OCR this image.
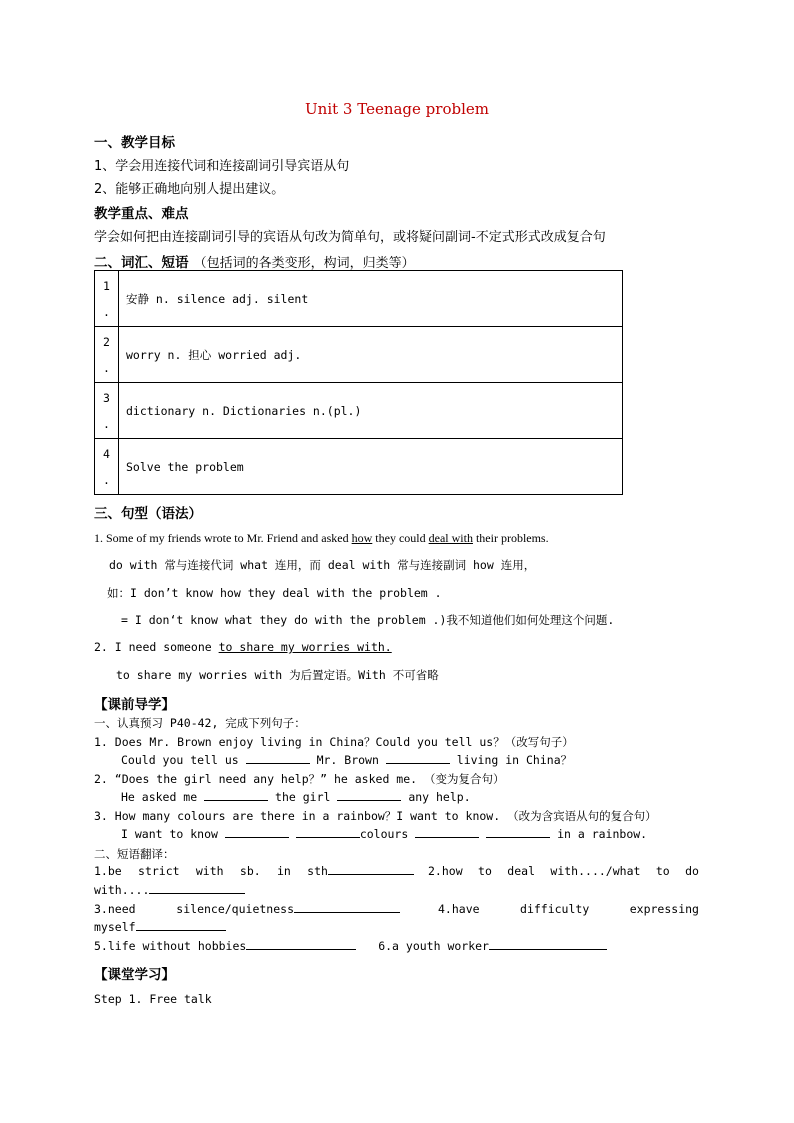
Unit 3 Teenage problem
一、教学目标
1、学会用连接代词和连接副词引导宾语从句
2、能够正确地向别人提出建议。
教学重点、难点
学会如何把由连接副词引导的宾语从句改为简单句，或将疑问副词-不定式形式改成复合句
二、词汇、短语 （包括词的各类变形，构词，归类等）
1
.	安静 n. silence adj. silent
2
.	worry n. 担心 worried adj.
3
.	dictionary n. Dictionaries n.(pl.)
4
.	Solve the problem
三、句型（语法）
1. Some of my friends wrote to Mr. Friend and asked how they could deal with their problems.
do with 常与连接代词 what 连用，而 deal with 常与连接副词 how 连用，
如：I don’t know how they deal with the problem .
= I don‘t know what they do with the problem .)我不知道他们如何处理这个问题.
2. I need someone to share my worries with.
to share my worries with 为后置定语。With 不可省略
【课前导学】
一、认真预习 P40-42, 完成下列句子：
1. Does Mr. Brown enjoy living in China？Could you tell us？（改写句子）
Could you tell us	Mr. Brown	living in China？
2. “Does the girl need any help？” he asked me. （变为复合句）
He asked me	the girl	any help.
3. How many colours are there in a rainbow？I want to know. （改为含宾语从句的复合句）
I want to know	colours	in a rainbow.
二、短语翻译：
1.be strict with sb. in sth	2.how to deal with..../what to do
with....
3.need	silence/quietness	4.have	difficulty	expressing
myself
5.life without hobbies	6.a youth worker
【课堂学习】
Step 1. Free talk
